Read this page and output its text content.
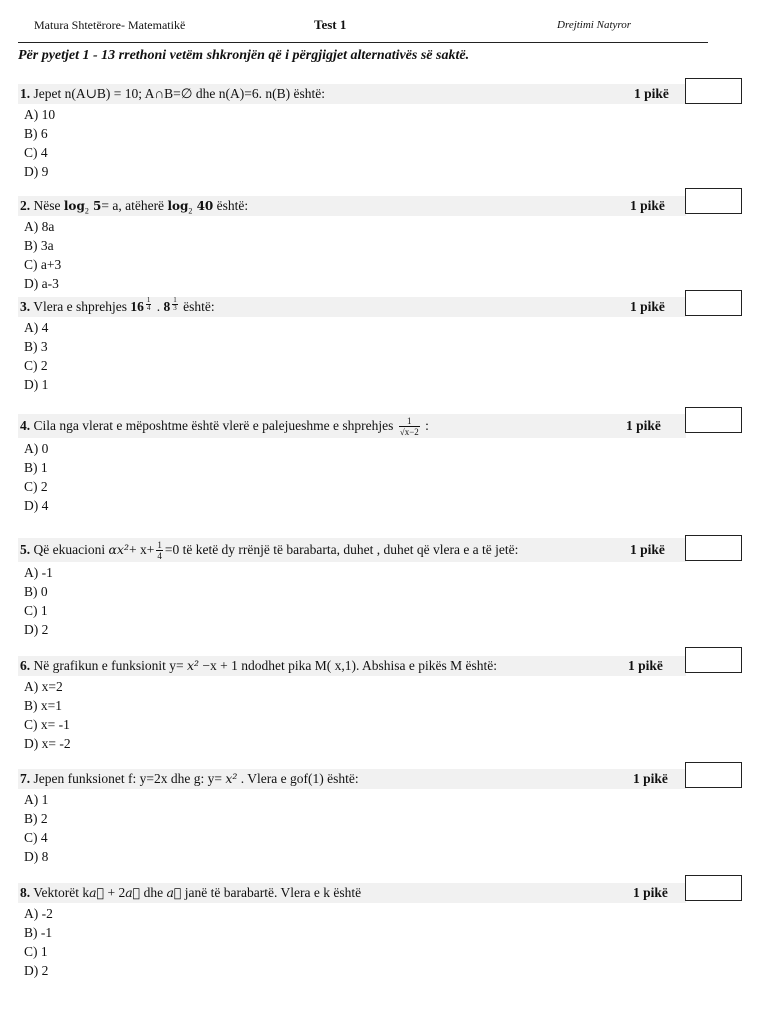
Matura Shtetërore- Matematikë	Test 1	Drejtimi Natyror
Për pyetjet 1 - 13 rrethoni vetëm shkronjën që i përgjigjet alternativës së saktë.
1. Jepet n(A∪B) = 10; A∩B=∅ dhe n(A)=6. n(B) është:	1 pikë
A) 10
B) 6
C) 4
D) 9
2. Nëse $\log_2 5= a$, atëherë $\log_2 40$ është:	1 pikë
A) 8a
B) 3a
C) a+3
D) a-3
3. Vlera e shprehjes $16 \frac{1}{4}$ . $8 \frac{1}{3}$ është:	1 pikë
A) 4
B) 3
C) 2
D) 1
4. Cila nga vlerat e mëposhtme është vlerë e palejueshme e shprehjes $\frac{1}{√x-2}$ :	1 pikë
A) 0
B) 1
C) 2
D) 4
5. Që ekuacioni $\alpha x^2+ x+ \frac{1}{4} =0$ të ketë dy rrënjë të barabarta, duhet , duhet që vlera e a të jetë:	1 pikë
A) -1
B) 0
C) 1
D) 2
6. Në grafikun e funksionit y= x² −x + 1 ndodhet pika M( x,1). Abshisa e pikës M është:	1 pikë
A) x=2
B) x=1
C) x= -1
D) x= -2
7. Jepen funksionet f: y=2x dhe g: y= x² . Vlera e gof(1) është:	1 pikë
A) 1
B) 2
C) 4
D) 8
8. Vektorët ka⃗ + 2a⃗ dhe a⃗ janë të barabartë. Vlera e k është	1 pikë
A) -2
B) -1
C) 1
D) 2
